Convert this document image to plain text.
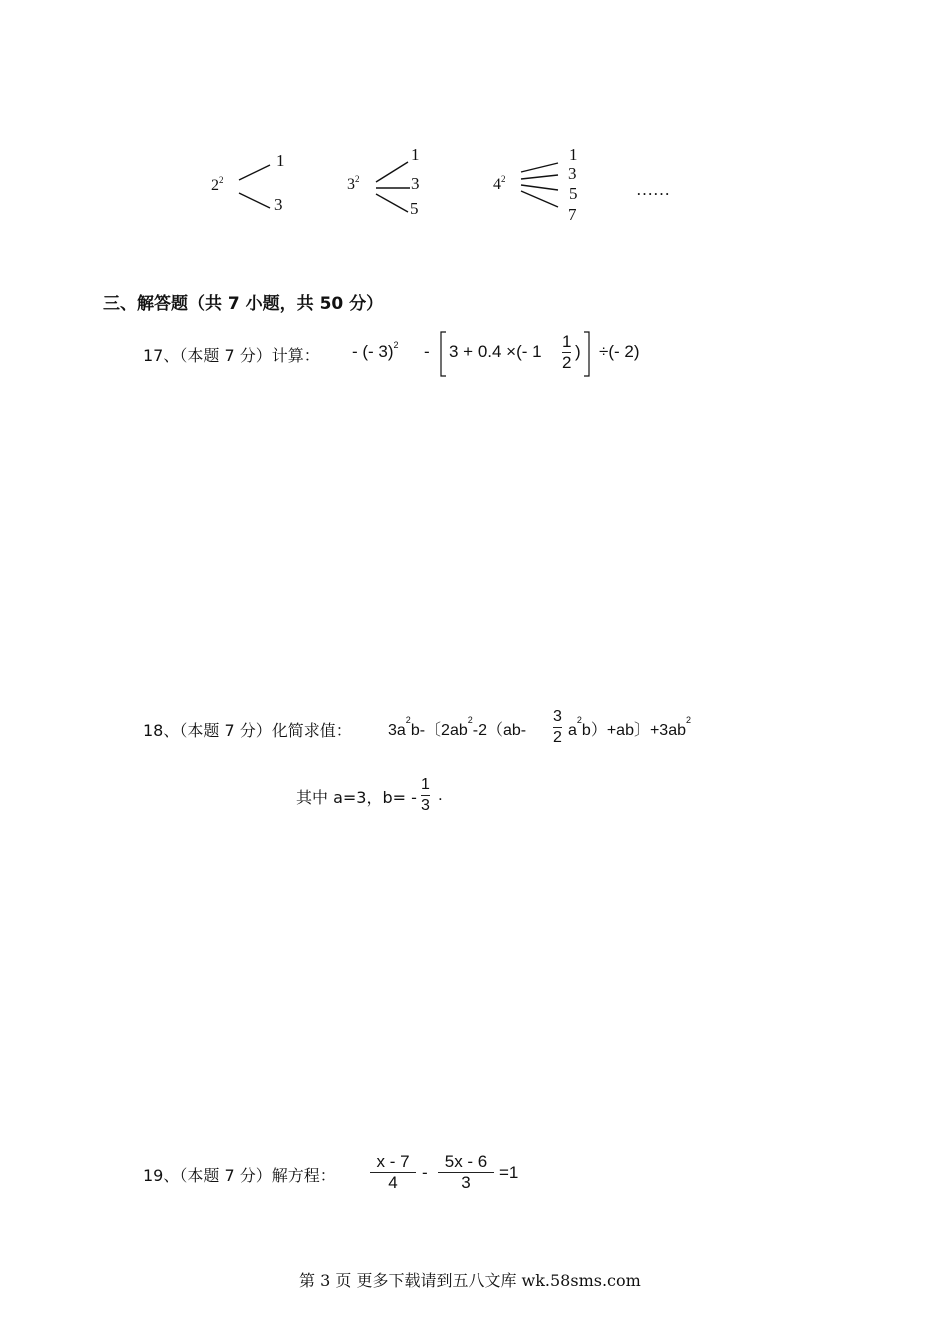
$2^2$
1
3
$3^2$
1
3
5
$4^2$
1
3
5
7
……
三、解答题（共 7 小题，共 50 分）
17、（本题 7 分）计算： - (- 3)$^2$ - 3 + 0.4 ×(- 1
1
2
) ÷(- 2)
18、（本题 7 分）化简求值： $3a^2b-$〔$2ab^2-2(ab-$
3
2 $a^2b)+ab$〕$+3ab^2$
其中 a=3，b= -
1
3
.
19、（本题 7 分）解方程：
x - 7
4
-
5x - 6
3
=1
第 3 页 更多下载请到五八文库 wk.58sms.com
